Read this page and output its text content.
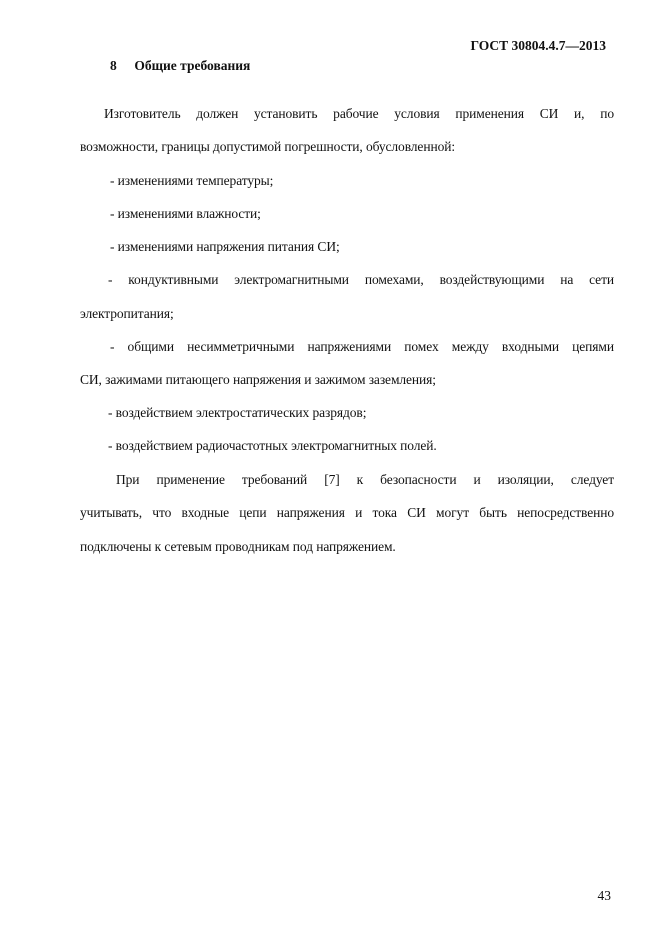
ГОСТ 30804.4.7—2013
8 Общие требования
Изготовитель должен установить рабочие условия применения СИ и, по
возможности, границы допустимой погрешности, обусловленной:
- изменениями температуры;
- изменениями влажности;
- изменениями напряжения питания СИ;
- кондуктивными электромагнитными помехами, воздействующими на сети
электропитания;
- общими несимметричными напряжениями помех между входными цепями
СИ, зажимами питающего напряжения и зажимом заземления;
- воздействием электростатических разрядов;
- воздействием радиочастотных электромагнитных полей.
При применение требований [7] к безопасности и изоляции, следует
учитывать, что входные цепи напряжения и тока СИ могут быть непосредственно
подключены к сетевым проводникам под напряжением.
43
